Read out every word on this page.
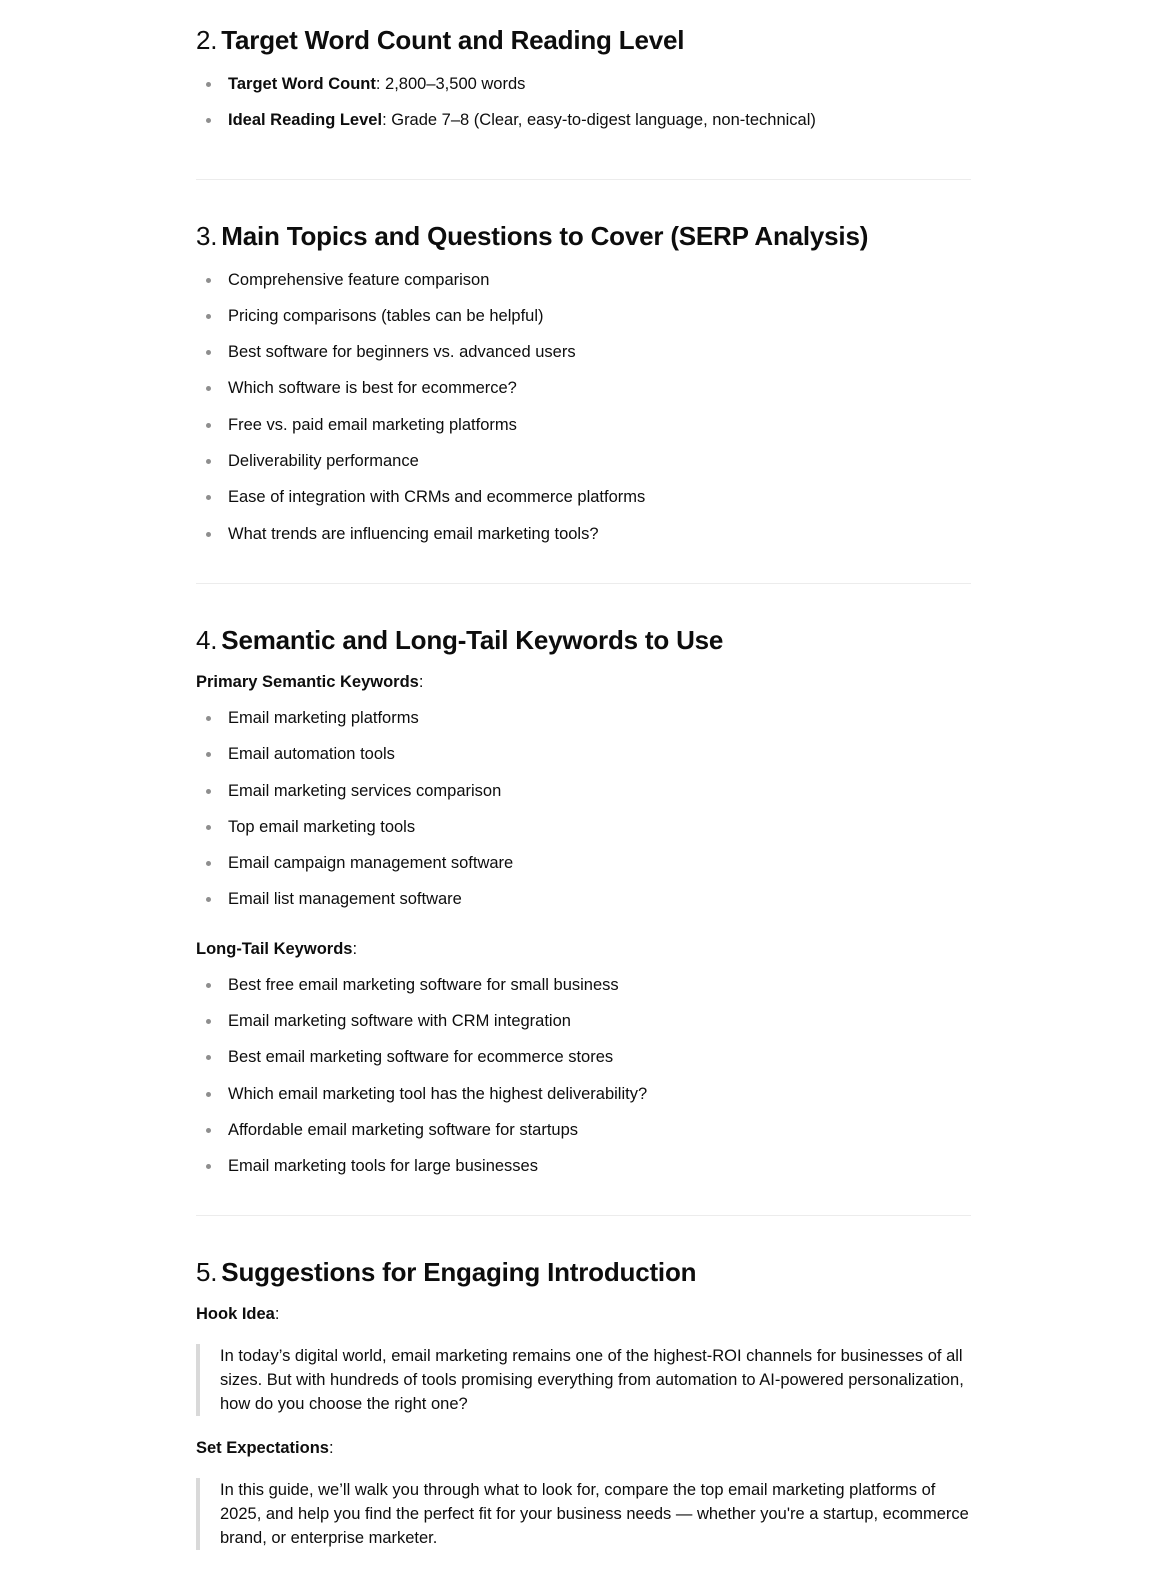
2. Target Word Count and Reading Level
Target Word Count: 2,800–3,500 words
Ideal Reading Level: Grade 7–8 (Clear, easy-to-digest language, non-technical)
3. Main Topics and Questions to Cover (SERP Analysis)
Comprehensive feature comparison
Pricing comparisons (tables can be helpful)
Best software for beginners vs. advanced users
Which software is best for ecommerce?
Free vs. paid email marketing platforms
Deliverability performance
Ease of integration with CRMs and ecommerce platforms
What trends are influencing email marketing tools?
4. Semantic and Long-Tail Keywords to Use

Primary Semantic Keywords:

Email marketing platforms
Email automation tools
Email marketing services comparison
Top email marketing tools
Email campaign management software
Email list management software

Long-Tail Keywords:

Best free email marketing software for small business
Email marketing software with CRM integration
Best email marketing software for ecommerce stores
Which email marketing tool has the highest deliverability?
Affordable email marketing software for startups
Email marketing tools for large businesses
5. Suggestions for Engaging Introduction

Hook Idea:

In today’s digital world, email marketing remains one of the highest-ROI channels for businesses of all sizes. But with hundreds of tools promising everything from automation to AI-powered personalization, how do you choose the right one?

Set Expectations:

In this guide, we’ll walk you through what to look for, compare the top email marketing platforms of 2025, and help you find the perfect fit for your business needs — whether you're a startup, ecommerce brand, or enterprise marketer.
